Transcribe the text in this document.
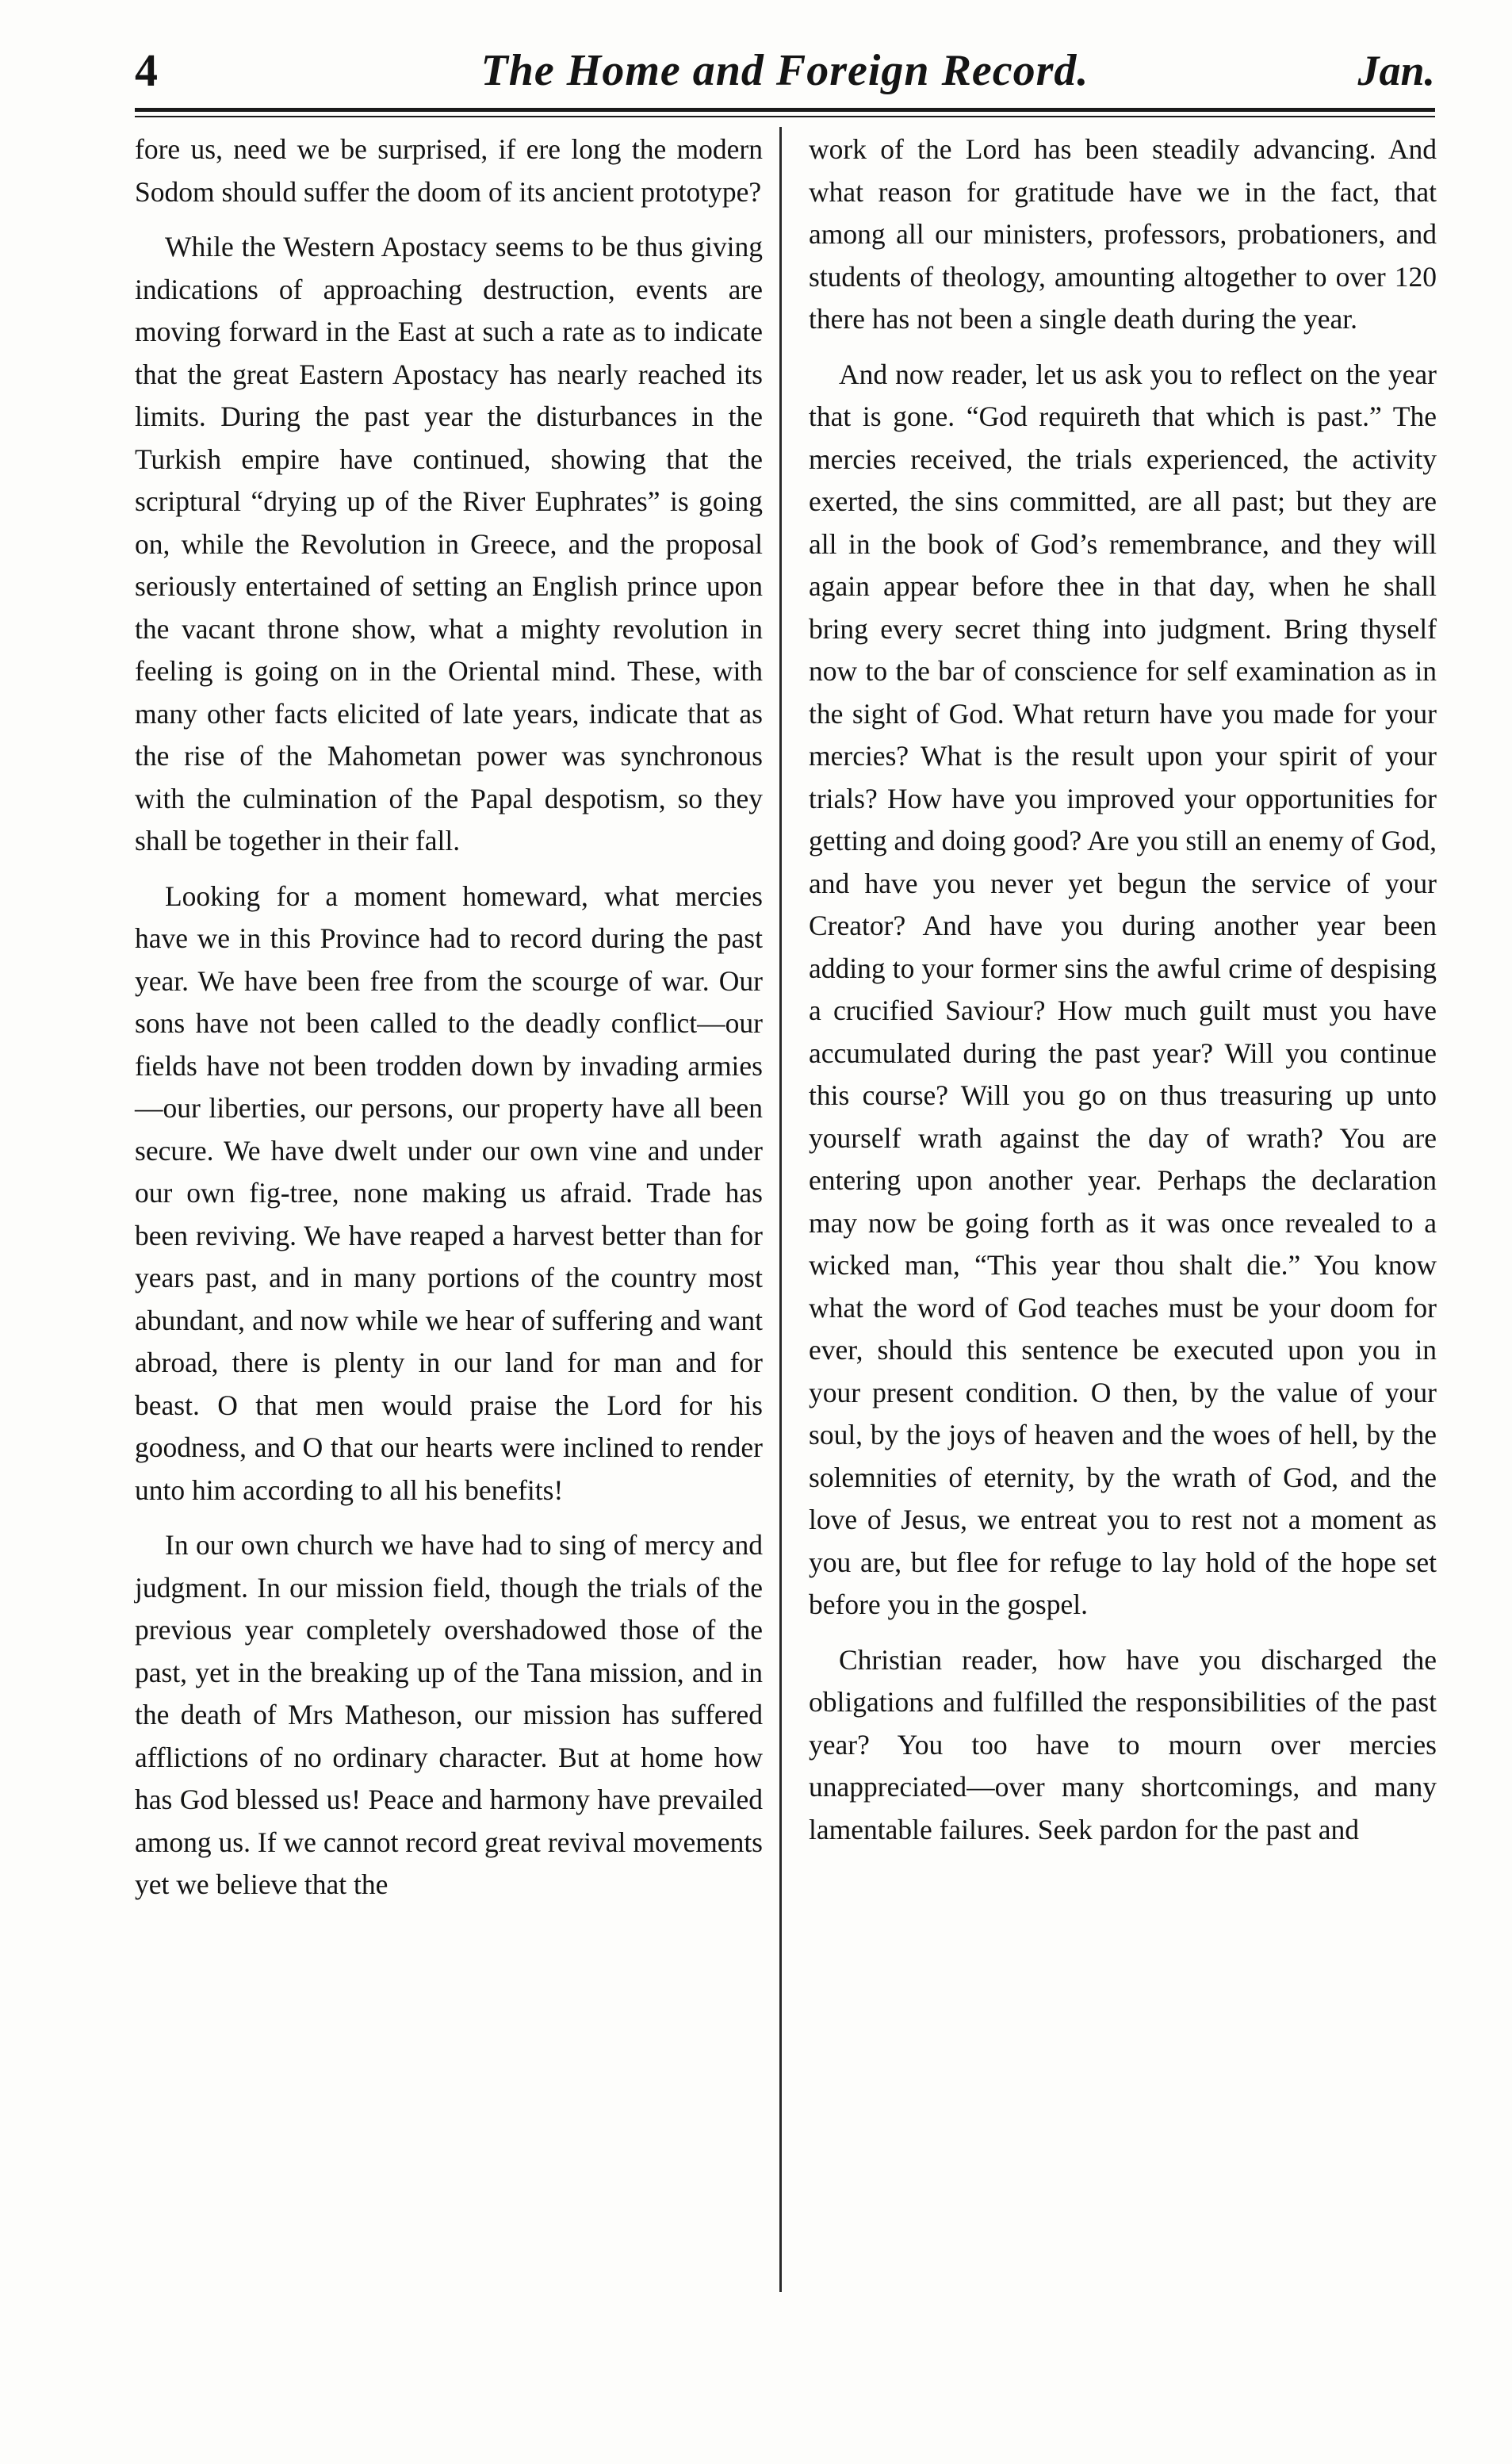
4	The Home and Foreign Record.	Jan.

fore us, need we be surprised, if ere long the modern Sodom should suffer the doom of its ancient prototype?

While the Western Apostacy seems to be thus giving indications of approaching destruction, events are moving forward in the East at such a rate as to indicate that the great Eastern Apostacy has nearly reached its limits. During the past year the disturbances in the Turkish empire have continued, showing that the scriptural “drying up of the River Euphrates” is going on, while the Revolution in Greece, and the proposal seriously entertained of setting an English prince upon the vacant throne show, what a mighty revolution in feeling is going on in the Oriental mind. These, with many other facts elicited of late years, indicate that as the rise of the Mahometan power was synchronous with the culmination of the Papal despotism, so they shall be together in their fall.

Looking for a moment homeward, what mercies have we in this Province had to record during the past year. We have been free from the scourge of war. Our sons have not been called to the deadly conflict—our fields have not been trodden down by invading armies—our liberties, our persons, our property have all been secure. We have dwelt under our own vine and under our own fig-tree, none making us afraid. Trade has been reviving. We have reaped a harvest better than for years past, and in many portions of the country most abundant, and now while we hear of suffering and want abroad, there is plenty in our land for man and for beast. O that men would praise the Lord for his goodness, and O that our hearts were inclined to render unto him according to all his benefits!

In our own church we have had to sing of mercy and judgment. In our mission field, though the trials of the previous year completely overshadowed those of the past, yet in the breaking up of the Tana mission, and in the death of Mrs Matheson, our mission has suffered afflictions of no ordinary character. But at home how has God blessed us! Peace and harmony have prevailed among us. If we cannot record great revival movements yet we believe that the

work of the Lord has been steadily advancing. And what reason for gratitude have we in the fact, that among all our ministers, professors, probationers, and students of theology, amounting altogether to over 120 there has not been a single death during the year.

And now reader, let us ask you to reflect on the year that is gone. “God requireth that which is past.” The mercies received, the trials experienced, the activity exerted, the sins committed, are all past; but they are all in the book of God’s remembrance, and they will again appear before thee in that day, when he shall bring every secret thing into judgment. Bring thyself now to the bar of conscience for self examination as in the sight of God. What return have you made for your mercies? What is the result upon your spirit of your trials? How have you improved your opportunities for getting and doing good? Are you still an enemy of God, and have you never yet begun the service of your Creator? And have you during another year been adding to your former sins the awful crime of despising a crucified Saviour? How much guilt must you have accumulated during the past year? Will you continue this course? Will you go on thus treasuring up unto yourself wrath against the day of wrath? You are entering upon another year. Perhaps the declaration may now be going forth as it was once revealed to a wicked man, “This year thou shalt die.” You know what the word of God teaches must be your doom for ever, should this sentence be executed upon you in your present condition. O then, by the value of your soul, by the joys of heaven and the woes of hell, by the solemnities of eternity, by the wrath of God, and the love of Jesus, we entreat you to rest not a moment as you are, but flee for refuge to lay hold of the hope set before you in the gospel.

Christian reader, how have you discharged the obligations and fulfilled the responsibilities of the past year? You too have to mourn over mercies unappreciated—over many shortcomings, and many lamentable failures. Seek pardon for the past and
